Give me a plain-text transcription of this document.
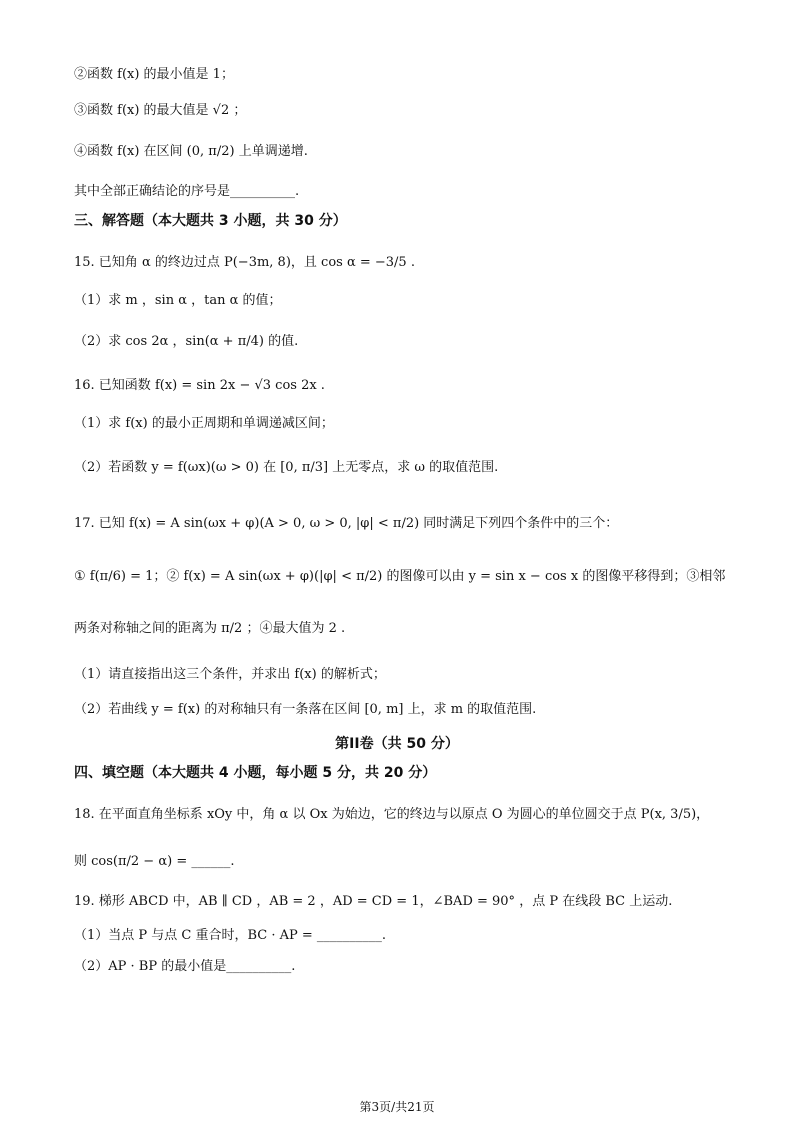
②函数 f(x) 的最小值是 1；
③函数 f(x) 的最大值是 √2 ；
④函数 f(x) 在区间 (0, π/2) 上单调递增.
其中全部正确结论的序号是__________.
三、解答题（本大题共 3 小题，共 30 分）
15. 已知角 α 的终边过点 P(−3m, 8)，且 cos α = −3/5 .
（1）求 m ，sin α ，tan α 的值；
（2）求 cos 2α ，sin(α + π/4) 的值.
16. 已知函数 f(x) = sin 2x − √3 cos 2x .
（1）求 f(x) 的最小正周期和单调递减区间；
（2）若函数 y = f(ωx)(ω > 0) 在 [0, π/3] 上无零点，求 ω 的取值范围.
17. 已知 f(x) = A sin(ωx + φ)(A > 0, ω > 0, |φ| < π/2) 同时满足下列四个条件中的三个：
① f(π/6) = 1；② f(x) = A sin(ωx + φ)(|φ| < π/2) 的图像可以由 y = sin x − cos x 的图像平移得到；③相邻
两条对称轴之间的距离为 π/2 ；④最大值为 2 .
（1）请直接指出这三个条件，并求出 f(x) 的解析式；
（2）若曲线 y = f(x) 的对称轴只有一条落在区间 [0, m] 上，求 m 的取值范围.
第II卷（共 50 分）
四、填空题（本大题共 4 小题，每小题 5 分，共 20 分）
18. 在平面直角坐标系 xOy 中，角 α 以 Ox 为始边，它的终边与以原点 O 为圆心的单位圆交于点 P(x, 3/5)，
则 cos(π/2 − α) = ______.
19. 梯形 ABCD 中，AB ∥ CD ，AB = 2 ，AD = CD = 1，∠BAD = 90° ，点 P 在线段 BC 上运动.
（1）当点 P 与点 C 重合时，BC · AP = __________.
（2）AP · BP 的最小值是__________.
第3页/共21页
